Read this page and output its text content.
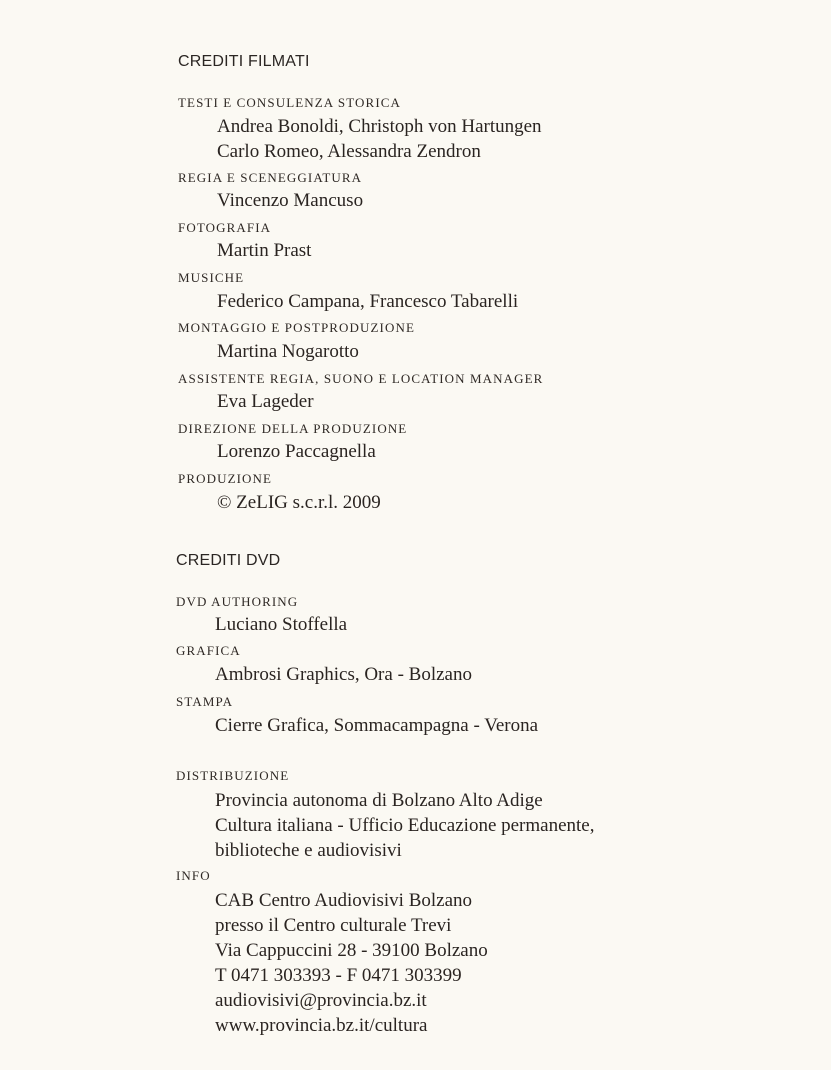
CREDITI FILMATI
TESTI E CONSULENZA STORICA
Andrea Bonoldi, Christoph von Hartungen
Carlo Romeo, Alessandra Zendron
REGIA E SCENEGGIATURA
Vincenzo Mancuso
FOTOGRAFIA
Martin Prast
MUSICHE
Federico Campana, Francesco Tabarelli
MONTAGGIO E POSTPRODUZIONE
Martina Nogarotto
ASSISTENTE REGIA, SUONO E LOCATION MANAGER
Eva Lageder
DIREZIONE DELLA PRODUZIONE
Lorenzo Paccagnella
PRODUZIONE
© ZeLIG s.c.r.l. 2009
CREDITI DVD
DVD AUTHORING
Luciano Stoffella
GRAFICA
Ambrosi Graphics, Ora - Bolzano
STAMPA
Cierre Grafica, Sommacampagna - Verona
DISTRIBUZIONE
Provincia autonoma di Bolzano Alto Adige
Cultura italiana - Ufficio Educazione permanente,
biblioteche e audiovisivi
INFO
CAB Centro Audiovisivi Bolzano
presso il Centro culturale Trevi
Via Cappuccini 28 - 39100 Bolzano
T 0471 303393 - F 0471 303399
audiovisivi@provincia.bz.it
www.provincia.bz.it/cultura
